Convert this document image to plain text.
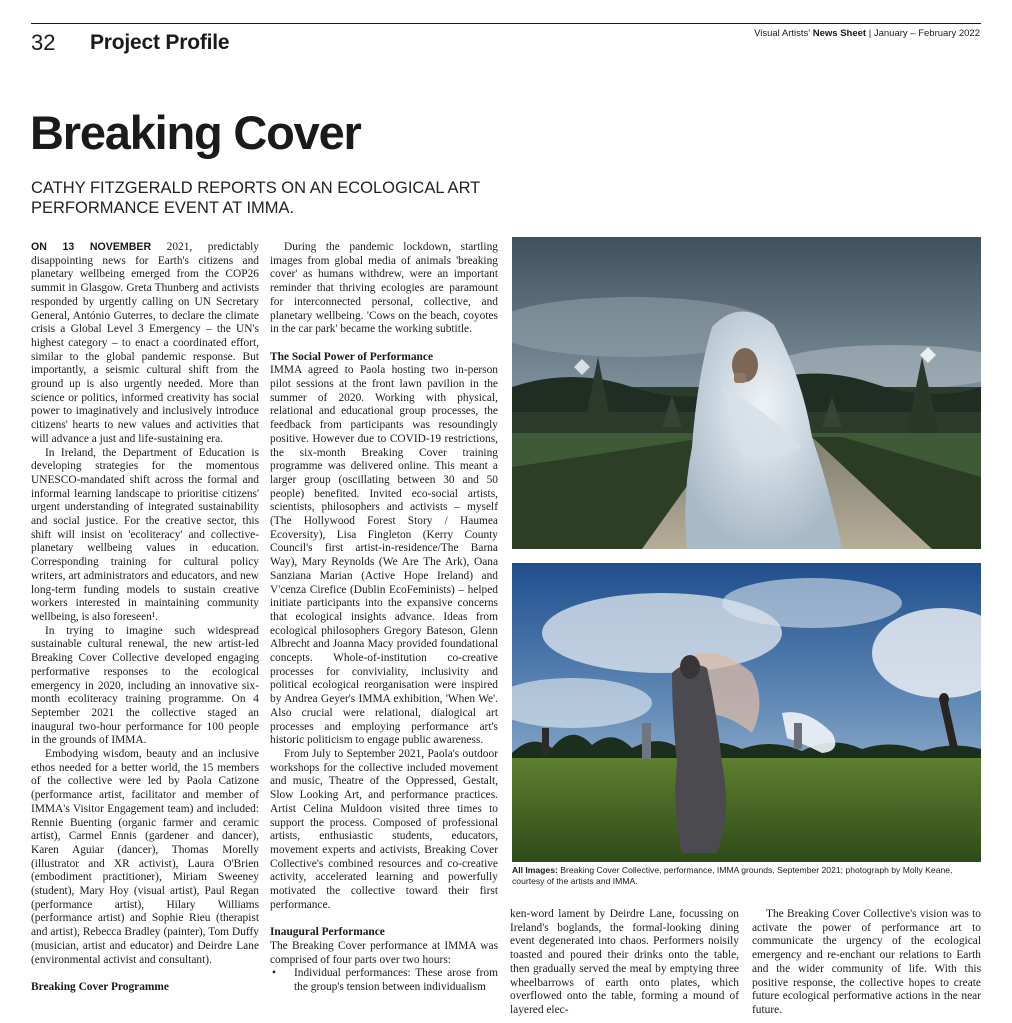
32 Project Profile	Visual Artists' News Sheet | January – February 2022
Breaking Cover
CATHY FITZGERALD REPORTS ON AN ECOLOGICAL ART PERFORMANCE EVENT AT IMMA.

ON 13 NOVEMBER 2021, predictably disappointing news for Earth's citizens and planetary wellbeing emerged from the COP26 summit in Glasgow. Greta Thunberg and activists responded by urgently calling on UN Secretary General, António Guterres, to declare the climate crisis a Global Level 3 Emergency – the UN's highest category – to enact a coordinated effort, similar to the global pandemic response. But importantly, a seismic cultural shift from the ground up is also urgently needed. More than science or politics, informed creativity has social power to imaginatively and inclusively introduce citizens' hearts to new values and activities that will advance a just and life-sustaining era.

In Ireland, the Department of Education is developing strategies for the momentous UNESCO-mandated shift across the formal and informal learning landscape to prioritise citizens' urgent understanding of integrated sustainability and social justice. For the creative sector, this shift will insist on 'ecoliteracy' and collective-planetary wellbeing values in education. Corresponding training for cultural policy writers, art administrators and educators, and new long-term funding models to sustain creative workers interested in maintaining community wellbeing, is also foreseen¹.

In trying to imagine such widespread sustainable cultural renewal, the new artist-led Breaking Cover Collective developed engaging performative responses to the ecological emergency in 2020, including an innovative six-month ecoliteracy training programme. On 4 September 2021 the collective staged an inaugural two-hour performance for 100 people in the grounds of IMMA.

Embodying wisdom, beauty and an inclusive ethos needed for a better world, the 15 members of the collective were led by Paola Catizone (performance artist, facilitator and member of IMMA's Visitor Engagement team) and included: Rennie Buenting (organic farmer and ceramic artist), Carmel Ennis (gardener and dancer), Karen Aguiar (dancer), Thomas Morelly (illustrator and XR activist), Laura O'Brien (embodiment practitioner), Miriam Sweeney (student), Mary Hoy (visual artist), Paul Regan (performance artist), Hilary Williams (performance artist) and Sophie Rieu (therapist and artist), Rebecca Bradley (painter), Tom Duffy (musician, artist and educator) and Deirdre Lane (environmental activist and consultant).

Breaking Cover Programme

During the pandemic lockdown, startling images from global media of animals 'breaking cover' as humans withdrew, were an important reminder that thriving ecologies are paramount for interconnected personal, collective, and planetary wellbeing. 'Cows on the beach, coyotes in the car park' became the working subtitle.

The Social Power of Performance

IMMA agreed to Paola hosting two in-person pilot sessions at the front lawn pavilion in the summer of 2020. Working with physical, relational and educational group processes, the feedback from participants was resoundingly positive. However due to COVID-19 restrictions, the six-month Breaking Cover training programme was delivered online. This meant a larger group (oscillating between 30 and 50 people) benefited. Invited eco-social artists, scientists, philosophers and activists – myself (The Hollywood Forest Story / Haumea Ecoversity), Lisa Fingleton (Kerry County Council's first artist-in-residence/The Barna Way), Mary Reynolds (We Are The Ark), Oana Sanziana Marian (Active Hope Ireland) and V'cenza Cirefice (Dublin EcoFeminists) – helped initiate participants into the expansive concerns that ecological insights advance. Ideas from ecological philosophers Gregory Bateson, Glenn Albrecht and Joanna Macy provided foundational concepts. Whole-of-institution co-creative processes for conviviality, inclusivity and political ecological reorganisation were inspired by Andrea Geyer's IMMA exhibition, 'When We'. Also crucial were relational, dialogical art processes and employing performance art's historic politicism to engage public awareness.

From July to September 2021, Paola's outdoor workshops for the collective included movement and music, Theatre of the Oppressed, Gestalt, Slow Looking Art, and performance practices. Artist Celina Muldoon visited three times to support the process. Composed of professional artists, enthusiastic students, educators, movement experts and activists, Breaking Cover Collective's combined resources and co-creative activity, accelerated learning and powerfully motivated the collective toward their first performance.

Inaugural Performance

The Breaking Cover performance at IMMA was comprised of four parts over two hours:

• Individual performances: These arose from the group's tension between individualism
All Images: Breaking Cover Collective, performance, IMMA grounds, September 2021; photograph by Molly Keane, courtesy of the artists and IMMA.

ken-word lament by Deirdre Lane, focussing on Ireland's boglands, the formal-looking dining event degenerated into chaos. Performers noisily toasted and poured their drinks onto the table, then gradually served the meal by emptying three wheelbarrows of earth onto plates, which overflowed onto the table, forming a mound of layered elec-

The Breaking Cover Collective's vision was to activate the power of performance art to communicate the urgency of the ecological emergency and re-enchant our relations to Earth and the wider community of life. With this positive response, the collective hopes to create future ecological performative actions in the near future.
